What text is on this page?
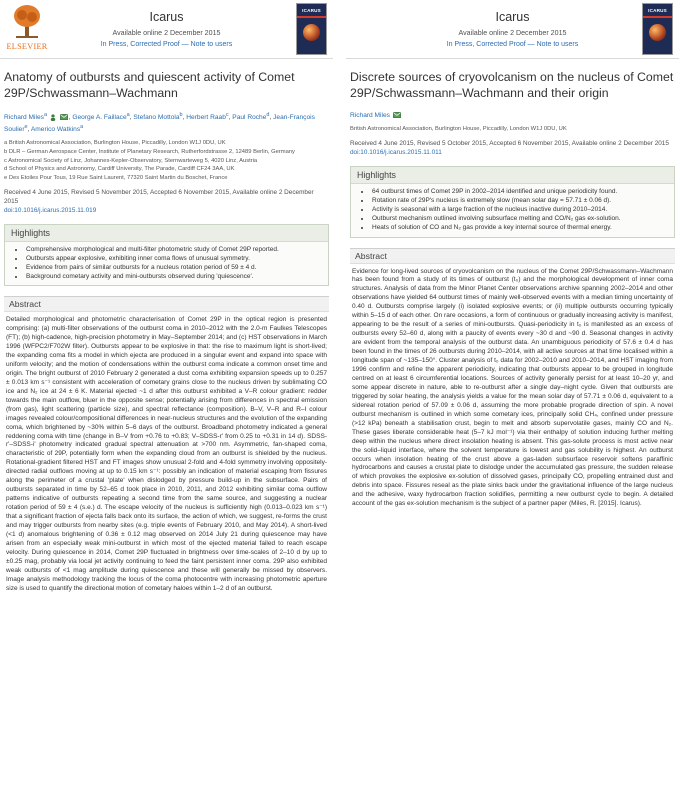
ELSEVIER
Icarus
Available online 2 December 2015
In Press, Corrected Proof — Note to users
ICARUS
Anatomy of outbursts and quiescent activity of Comet 29P/Schwassmann–Wachmann
Richard Miles$^a$	, George A. Faillace$^a$, Stefano Mottola$^b$, Herbert Raab$^c$, Paul Roche$^d$, Jean-François Soulier$^e$, Americo Watkins$^a$
a British Astronomical Association, Burlington House, Piccadilly, London W1J 0DU, UK
b DLR – German Aerospace Center, Institute of Planetary Research, Rutherfordstrasse 2, 12489 Berlin, Germany
c Astronomical Society of Linz, Johannes-Kepler-Observatory, Sternwarteweg 5, 4020 Linz, Austria
d School of Physics and Astronomy, Cardiff University, The Parade, Cardiff CF24 3AA, UK
e Des Etoiles Pour Tous, 19 Rue Saint Laurent, 77320 Saint Martin du Boschet, France
Received 4 June 2015, Revised 5 November 2015, Accepted 6 November 2015, Available online 2 December 2015
doi:10.1016/j.icarus.2015.11.019
Highlights
• Comprehensive morphological and multi-filter photometric study of Comet 29P reported.
• Outbursts appear explosive, exhibiting inner coma flows of unusual symmetry.
• Evidence from pairs of similar outbursts for a nucleus rotation period of 59 ± 4 d.
• Background cometary activity and mini-outbursts observed during 'quiescence'.
Abstract
Detailed morphological and photometric characterisation of Comet 29P in the optical region is presented comprising: (a) multi-filter observations of the outburst coma in 2010–2012 with the 2.0-m Faulkes Telescopes (FT); (b) high-cadence, high-precision photometry in May–September 2014; and (c) HST observations in March 1996 (WFPC2/F702W filter). Outbursts appear to be explosive in that: the rise to maximum light is short-lived; the expanding coma fits a model in which ejecta are produced in a singular event and expand into space with uniform velocity; and the motion of condensations within the outburst coma indicate a common onset time and origin. The bright outburst of 2010 February 2 generated a dust coma exhibiting expansion speeds up to 0.257 ± 0.013 km s⁻¹ consistent with acceleration of cometary grains close to the nucleus driven by sublimating CO ice and N₂ ice at 24 ± 6 K. Material ejected ~1 d after this outburst exhibited a V–R colour gradient: redder towards the main outflow, bluer in the opposite sense; potentially arising from differences in spectral emission (from gas), light scattering (particle size), and spectral reflectance (composition). B–V, V–R and R–I colour images revealed colour/compositional differences in near-nucleus structures and the evolution of the expanding coma, which brightened by ~30% within 5–6 days of the outburst. Broadband photometry indicated a general reddening coma with time (change in B–V from +0.76 to +0.83; V–SDSS-r' from 0.25 to +0.31 in 14 d). SDSS-r'–SDSS-i' photometry indicated gradual spectral attenuation at >700 nm. Asymmetric, fan-shaped coma, characteristic of 29P, potentially form when the expanding cloud from an outburst is shielded by the nucleus. Rotational-gradient filtered HST and FT images show unusual 2-fold and 4-fold symmetry involving oppositely-directed radial outflows moving at up to 0.15 km s⁻¹: possibly an indication of material escaping from fissures along the perimeter of a crustal 'plate' when dislodged by pressure build-up in the subsurface. Pairs of outbursts separated in time by 52–65 d took place in 2010, 2011, and 2012 exhibiting similar coma outflow patterns indicative of outbursts repeating a second time from the same source, and suggesting a nuclear rotation period of 59 ± 4 (s.e.) d. The escape velocity of the nucleus is sufficiently high (0.013–0.023 km s⁻¹) that a significant fraction of ejecta falls back onto its surface, the action of which, we suggest, re-forms the crust and may trigger outbursts from nearby sites (e.g. triple events of February 2010, and May 2014). A short-lived (<1 d) anomalous brightening of 0.36 ± 0.12 mag observed on 2014 July 21 during quiescence may have arisen from an especially weak mini-outburst in which most of the ejected material failed to reach escape velocity. During quiescence in 2014, Comet 29P fluctuated in brightness over time-scales of 2–10 d by up to ±0.25 mag, probably via local jet activity continuing to feed the faint persistent inner coma. 29P also exhibited weak outbursts of <1 mag amplitude during quiescence and these will generally be missed by observers. Image analysis methodology tracking the locus of the coma photocentre with increasing photometric aperture size is used to quantify the directional motion of cometary haloes within 1–2 d of an outburst.
Icarus
Available online 2 December 2015
In Press, Corrected Proof — Note to users
ICARUS
Discrete sources of cryovolcanism on the nucleus of Comet 29P/Schwassmann–Wachmann and their origin
Richard Miles
British Astronomical Association, Burlington House, Piccadilly, London W1J 0DU, UK
Received 4 June 2015, Revised 5 October 2015, Accepted 6 November 2015, Available online 2 December 2015
doi:10.1016/j.icarus.2015.11.011
Highlights
• 64 outburst times of Comet 29P in 2002–2014 identified and unique periodicity found.
• Rotation rate of 29P's nucleus is extremely slow (mean solar day = 57.71 ± 0.06 d).
• Activity is seasonal with a large fraction of the nucleus inactive during 2010–2014.
• Outburst mechanism outlined involving subsurface melting and CO/N₂ gas ex-solution.
• Heats of solution of CO and N₂ gas provide a key internal source of thermal energy.
Abstract
Evidence for long-lived sources of cryovolcanism on the nucleus of the Comet 29P/Schwassmann–Wachmann has been found from a study of its times of outburst (t₀) and the morphological development of inner coma structures. Analysis of data from the Minor Planet Center observations archive spanning 2002–2014 and other observations have yielded 64 outburst times of mainly well-observed events with a median timing uncertainty of 0.40 d. Outbursts comprise largely (i) isolated explosive events; or (ii) multiple outbursts occurring typically within 5–15 d of each other. On rare occasions, a form of continuous or gradually increasing activity is manifest, appearing to be the result of a series of mini-outbursts. Quasi-periodicity in t₀ is manifested as an excess of outbursts every 52–60 d, along with a paucity of events every ~30 d and ~90 d. Seasonal changes in activity are evident from the temporal analysis of the outburst data. An unambiguous periodicity of 57.6 ± 0.4 d has been found in the times of 26 outbursts during 2010–2014, with all active sources at that time localised within a longitude span of ~135–150°. Cluster analysis of t₀ data for 2002–2010 and 2010–2014, and HST imaging from 1996 confirm and refine the apparent periodicity, indicating that outbursts appear to be grouped in longitude centred on at least 6 circumferential locations. Sources of activity generally persist for at least 10–20 yr, and some appear discrete in nature, able to re-outburst after a single day–night cycle. Given that outbursts are triggered by solar heating, the analysis yields a value for the mean solar day of 57.71 ± 0.06 d, equivalent to a sidereal rotation period of 57.09 ± 0.06 d, assuming the more probable prograde direction of spin. A novel outburst mechanism is outlined in which some cometary ices, principally solid CH₄, confined under pressure (>12 kPa) beneath a stabilisation crust, begin to melt and absorb supervolatile gases, mainly CO and N₂. These gases liberate considerable heat (5–7 kJ mol⁻¹) via their enthalpy of solution inducing further melting deep within the nucleus where direct insolation heating is absent. This gas-solute process is most active near the solid–liquid interface, where the solvent temperature is lowest and gas solubility is highest. An outburst occurs when insolation heating of the crust above a gas-laden subsurface reservoir softens paraffinic hydrocarbons and causes a crustal plate to dislodge under the accumulated gas pressure, the sudden release of which provokes the explosive ex-solution of dissolved gases, principally CO, propelling entrained dust and debris into space. Fissures reseal as the plate sinks back under the gravitational influence of the large nucleus and the adhesive, waxy hydrocarbon fraction solidifies, permitting a new outburst cycle to begin. A detailed account of the gas ex-solution mechanism is the subject of a partner paper (Miles, R. [2015]. Icarus).
